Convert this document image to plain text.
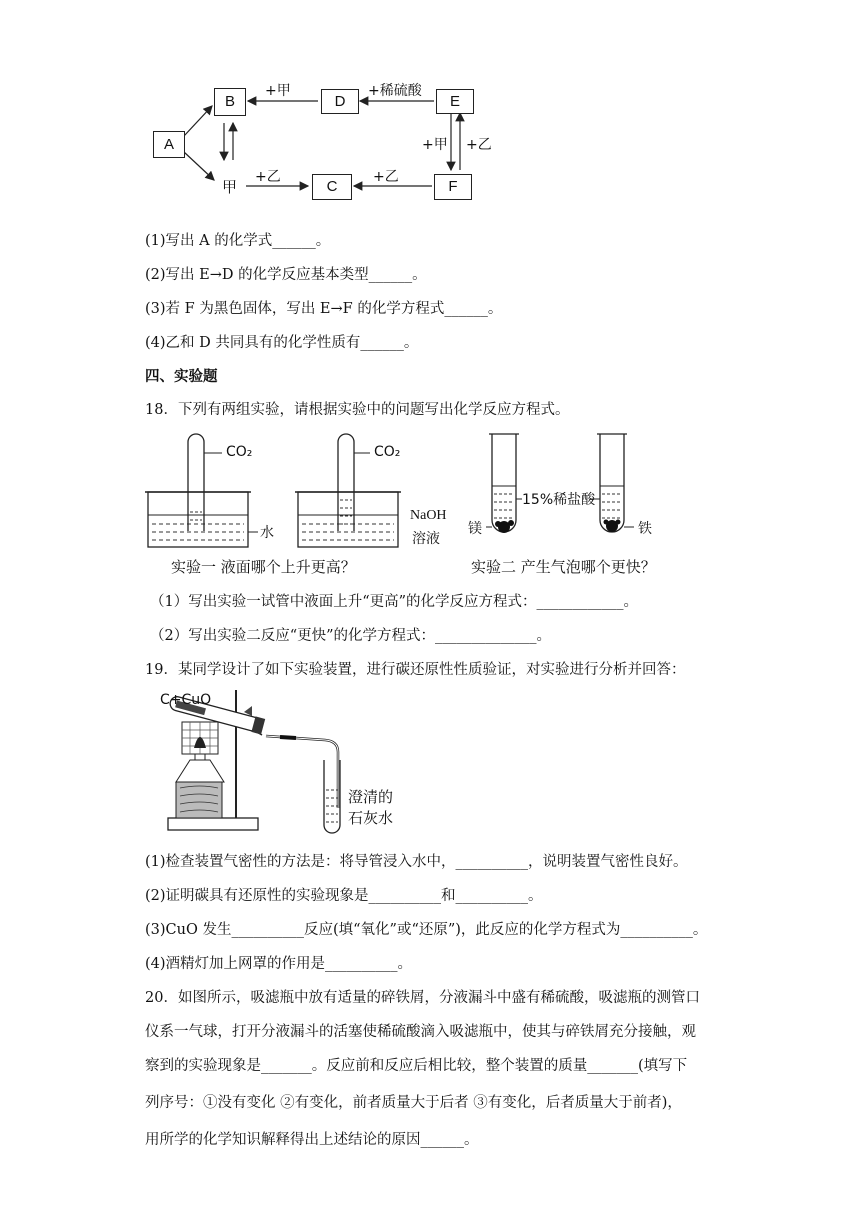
A
B	D	E
C	F
甲
+甲	+稀硫酸
+甲 +乙
+乙	+乙
(1)写出 A 的化学式______。
(2)写出 E→D 的化学反应基本类型______。
(3)若 F 为黑色固体，写出 E→F 的化学方程式______。
(4)乙和 D 共同具有的化学性质有______。
四、实验题
18．下列有两组实验，请根据实验中的问题写出化学反应方程式。
CO₂	CO₂
水
NaOH
溶液
15%稀盐酸
镁	铁
实验一 液面哪个上升更高？	实验二 产生气泡哪个更快？
（1）写出实验一试管中液面上升“更高”的化学反应方程式：____________。
（2）写出实验二反应“更快”的化学方程式：______________。
19．某同学设计了如下实验装置，进行碳还原性性质验证，对实验进行分析并回答：
C+CuO
澄清的
石灰水
(1)检查装置气密性的方法是：将导管浸入水中，__________，说明装置气密性良好。
(2)证明碳具有还原性的实验现象是__________和__________。
(3)CuO 发生__________反应(填“氧化”或“还原”)，此反应的化学方程式为__________。
(4)酒精灯加上网罩的作用是__________。
20．如图所示，吸滤瓶中放有适量的碎铁屑，分液漏斗中盛有稀硫酸，吸滤瓶的测管口
仪系一气球，打开分液漏斗的活塞使稀硫酸滴入吸滤瓶中，使其与碎铁屑充分接触，观
察到的实验现象是_______。反应前和反应后相比较，整个装置的质量_______(填写下
列序号：①没有变化 ②有变化，前者质量大于后者 ③有变化，后者质量大于前者)，
用所学的化学知识解释得出上述结论的原因______。
